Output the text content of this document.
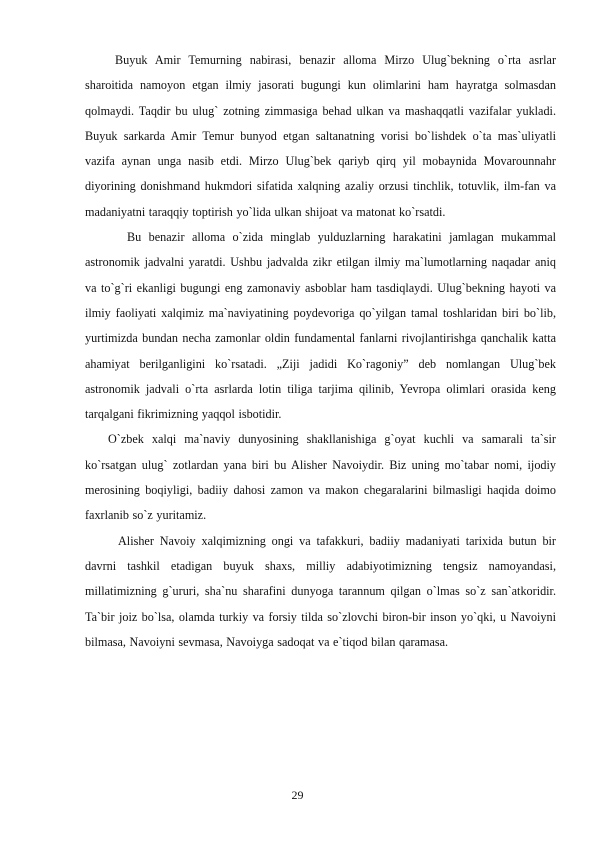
Buyuk Amir Temurning nabirasi, benazir alloma Mirzo Ulug`bekning o`rta asrlar sharoitida namoyon etgan ilmiy jasorati bugungi kun olimlarini ham hayratga solmasdan qolmaydi. Taqdir bu ulug` zotning zimmasiga behad ulkan va mashaqqatli vazifalar yukladi. Buyuk sarkarda Amir Temur bunyod etgan saltanatning vorisi bo`lishdek o`ta mas`uliyatli vazifa aynan unga nasib etdi. Mirzo Ulug`bek qariyb qirq yil mobaynida Movarounnahr diyorining donishmand hukmdori sifatida xalqning azaliy orzusi tinchlik, totuvlik, ilm-fan va madaniyatni taraqqiy toptirish yo`lida ulkan shijoat va matonat ko`rsatdi.

Bu benazir alloma o`zida minglab yulduzlarning harakatini jamlagan mukammal astronomik jadvalni yaratdi. Ushbu jadvalda zikr etilgan ilmiy ma`lumotlarning naqadar aniq va to`g`ri ekanligi bugungi eng zamonaviy asboblar ham tasdiqlaydi. Ulug`bekning hayoti va ilmiy faoliyati xalqimiz ma`naviyatining poydevoriga qo`yilgan tamal toshlaridan biri bo`lib, yurtimizda bundan necha zamonlar oldin fundamental fanlarni rivojlantirishga qanchalik katta ahamiyat berilganligini ko`rsatadi. „Ziji jadidi Ko`ragoniy” deb nomlangan Ulug`bek astronomik jadvali o`rta asrlarda lotin tiliga tarjima qilinib, Yevropa olimlari orasida keng tarqalgani fikrimizning yaqqol isbotidir.

O`zbek xalqi ma`naviy dunyosining shakllanishiga g`oyat kuchli va samarali ta`sir ko`rsatgan ulug` zotlardan yana biri bu Alisher Navoiydir. Biz uning mo`tabar nomi, ijodiy merosining boqiyligi, badiiy dahosi zamon va makon chegaralarini bilmasligi haqida doimo faxrlanib so`z yuritamiz.

Alisher Navoiy xalqimizning ongi va tafakkuri, badiiy madaniyati tarixida butun bir davrni tashkil etadigan buyuk shaxs, milliy adabiyotimizning tengsiz namoyandasi, millatimizning g`ururi, sha`nu sharafini dunyoga tarannum qilgan o`lmas so`z san`atkoridir. Ta`bir joiz bo`lsa, olamda turkiy va forsiy tilda so`zlovchi biron-bir inson yo`qki, u Navoiyni bilmasa, Navoiyni sevmasa, Navoiyga sadoqat va e`tiqod bilan qaramasa.

29
